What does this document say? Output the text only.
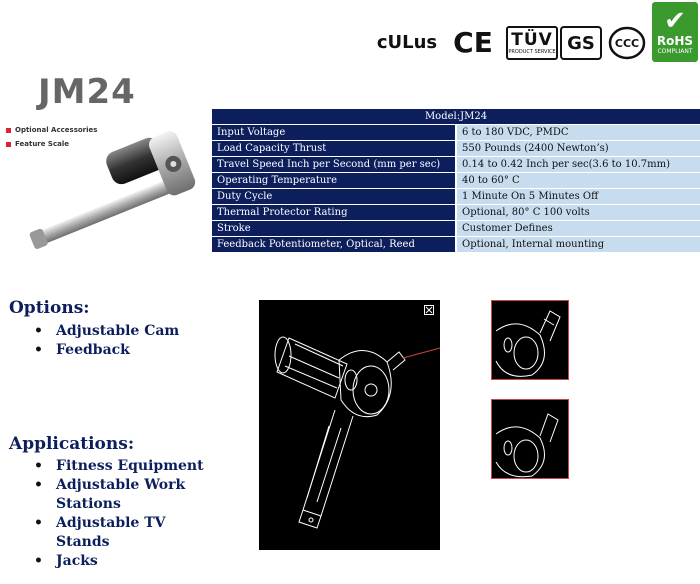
cULus CE TÜV
PRODUCT SERVICE GS	CCC
✔
RoHS
COMPLIANT
JM24
Optional Accessories
Feature Scale
Model:JM24	
Input Voltage	6 to 180 VDC, PMDC
Load Capacity Thrust	550 Pounds (2400 Newton’s)
Travel Speed Inch per Second (mm per sec)	0.14 to 0.42 Inch per sec(3.6 to 10.7mm)
Operating Temperature	40 to 60° C
Duty Cycle	1 Minute On 5 Minutes Off
Thermal Protector Rating	Optional, 80° C 100 volts
Stroke	Customer Defines
Feedback Potentiometer, Optical, Reed	Optional, Internal mounting
Options:
• Adjustable Cam
• Feedback
Applications:
• Fitness Equipment
• Adjustable Work Stations
• Adjustable TV Stands
• Jacks
